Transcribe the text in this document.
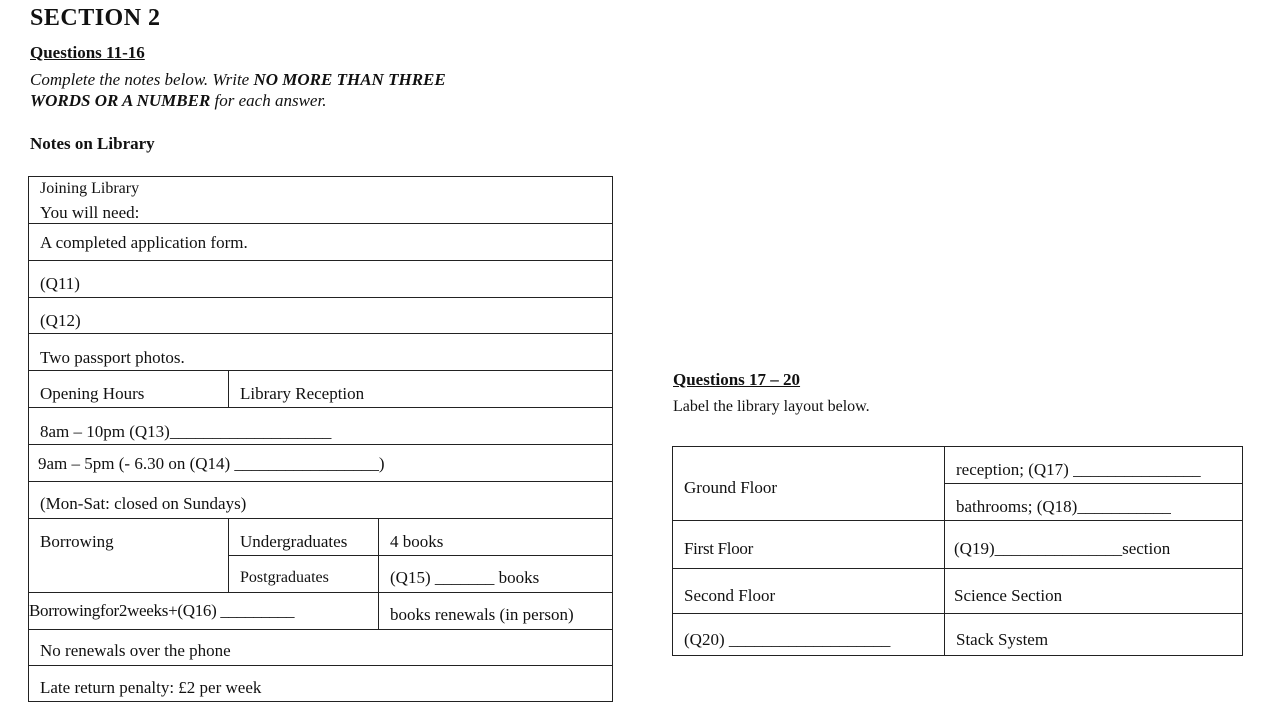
SECTION 2
Questions 11-16
Complete the notes below. Write NO MORE THAN THREE
WORDS OR A NUMBER for each answer.
Notes on Library
Joining Library
You will need:
A completed application form.
(Q11)
(Q12)
Two passport photos.
Opening Hours	Library Reception
8am – 10pm (Q13)___________________
9am – 5pm (- 6.30 on (Q14) _________________)
(Mon-Sat: closed on Sundays)
Borrowing	Undergraduates	4 books
Postgraduates	(Q15) _______ books
Borrowingfor2weeks+(Q16) _________	books renewals (in person)
No renewals over the phone
Late return penalty: £2 per week
Questions 17 – 20
Label the library layout below.
Ground Floor
reception; (Q17) _______________
bathrooms; (Q18)___________
First Floor	(Q19)_______________section
Second Floor	Science Section
(Q20) ___________________	Stack System
